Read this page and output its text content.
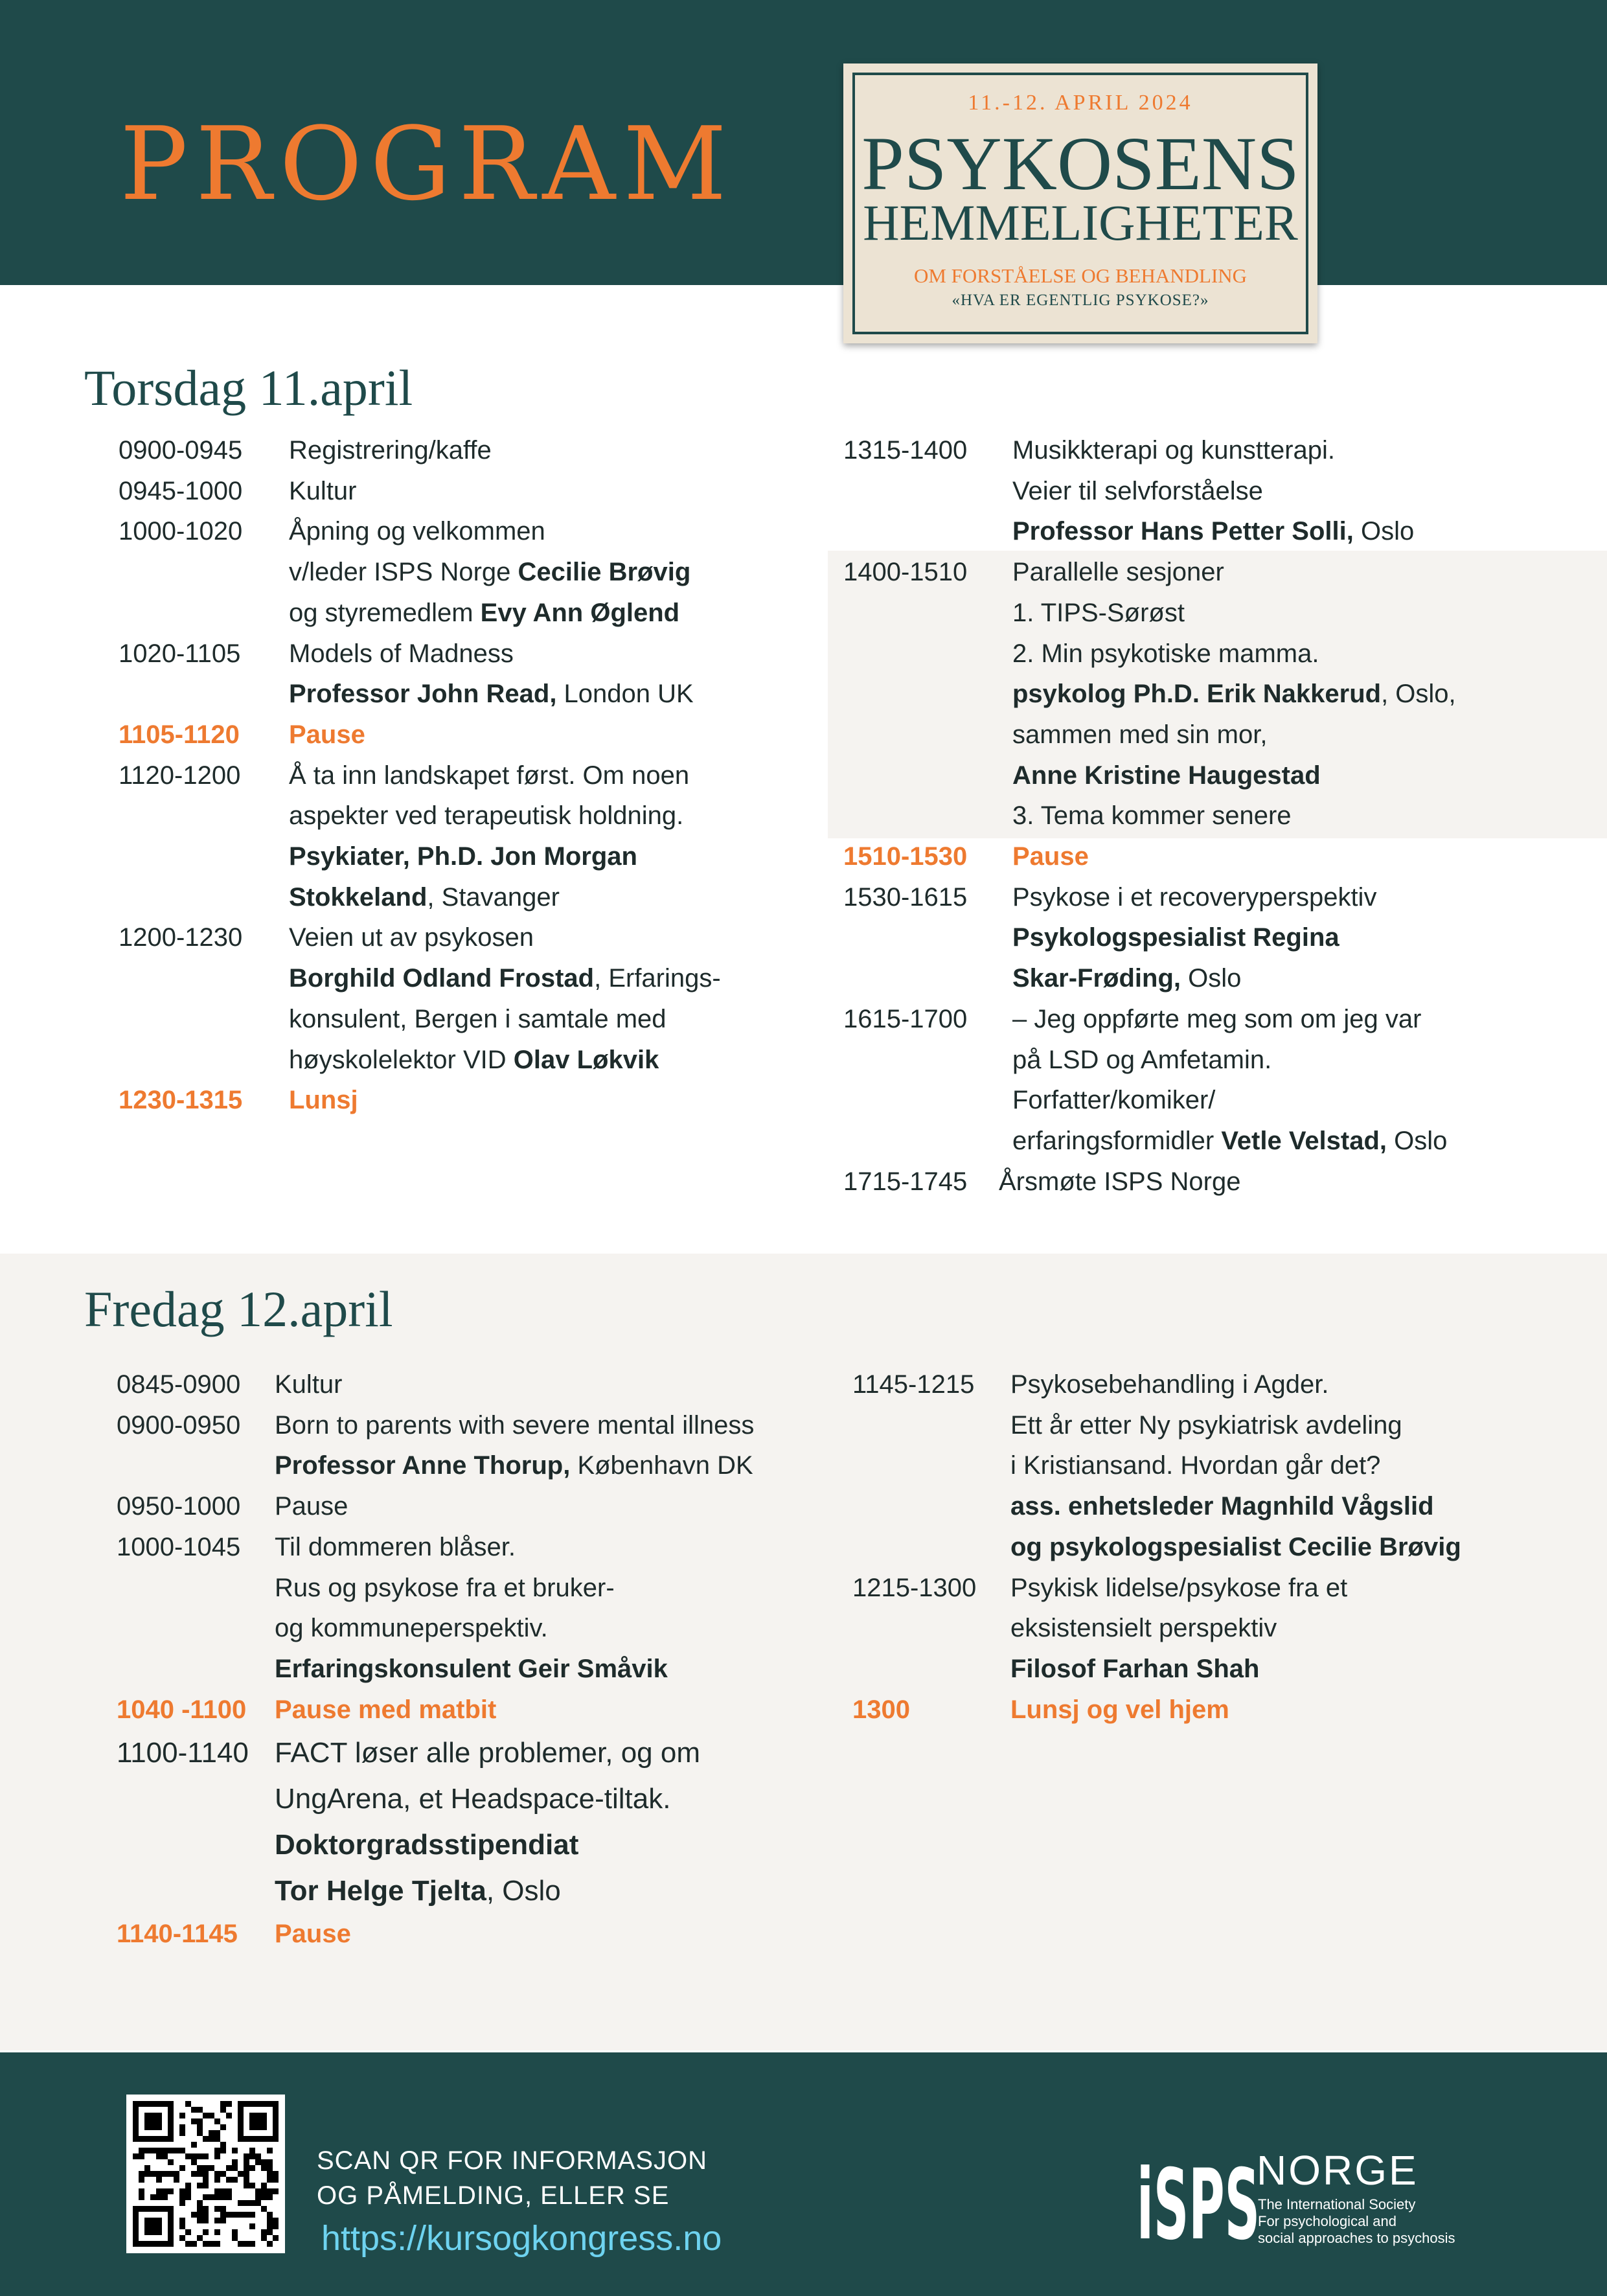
PROGRAM
11.-12. APRIL 2024
PSYKOSENS
HEMMELIGHETER
OM FORSTÅELSE OG BEHANDLING
«HVA ER EGENTLIG PSYKOSE?»
Torsdag 11.april
0900-0945	Registrering/kaffe
0945-1000	Kultur
1000-1020	Åpning og velkommen
v/leder ISPS Norge Cecilie Brøvig
og styremedlem Evy Ann Øglend
1020-1105	Models of Madness
Professor John Read, London UK
1105-1120	Pause
1120-1200	Å ta inn landskapet først. Om noen
aspekter ved terapeutisk holdning.
Psykiater, Ph.D. Jon Morgan
Stokkeland, Stavanger
1200-1230	Veien ut av psykosen
Borghild Odland Frostad, Erfarings-
konsulent, Bergen i samtale med
høyskolelektor VID Olav Løkvik
1230-1315	Lunsj
1315-1400	Musikkterapi og kunstterapi.
Veier til selvforståelse
Professor Hans Petter Solli, Oslo
1400-1510	Parallelle sesjoner
1. TIPS-Sørøst
2. Min psykotiske mamma.
psykolog Ph.D. Erik Nakkerud, Oslo,
sammen med sin mor,
Anne Kristine Haugestad
3. Tema kommer senere
1510-1530	Pause
1530-1615	Psykose i et recoveryperspektiv
Psykologspesialist Regina
Skar-Frøding, Oslo
1615-1700	– Jeg oppførte meg som om jeg var
på LSD og Amfetamin.
Forfatter/komiker/
erfaringsformidler Vetle Velstad, Oslo
1715-1745	Årsmøte ISPS Norge
Fredag 12.april
0845-0900	Kultur
0900-0950	Born to parents with severe mental illness
Professor Anne Thorup, København DK
0950-1000	Pause
1000-1045	Til dommeren blåser.
Rus og psykose fra et bruker-
og kommuneperspektiv.
Erfaringskonsulent Geir Småvik
1040 -1100	Pause med matbit
1100-1140 FACT løser alle problemer, og om
UngArena, et Headspace-tiltak.
Doktorgradsstipendiat
Tor Helge Tjelta, Oslo
1140-1145	Pause
1145-1215	Psykosebehandling i Agder.
Ett år etter Ny psykiatrisk avdeling
i Kristiansand. Hvordan går det?
ass. enhetsleder Magnhild Vågslid
og psykologspesialist Cecilie Brøvig
1215-1300	Psykisk lidelse/psykose fra et
eksistensielt perspektiv
Filosof Farhan Shah
1300	Lunsj og vel hjem
SCAN QR FOR INFORMASJON
OG PÅMELDING, ELLER SE
https://kursogkongress.no	iSPS
NORGE
The International Society
For psychological and
social approaches to psychosis
